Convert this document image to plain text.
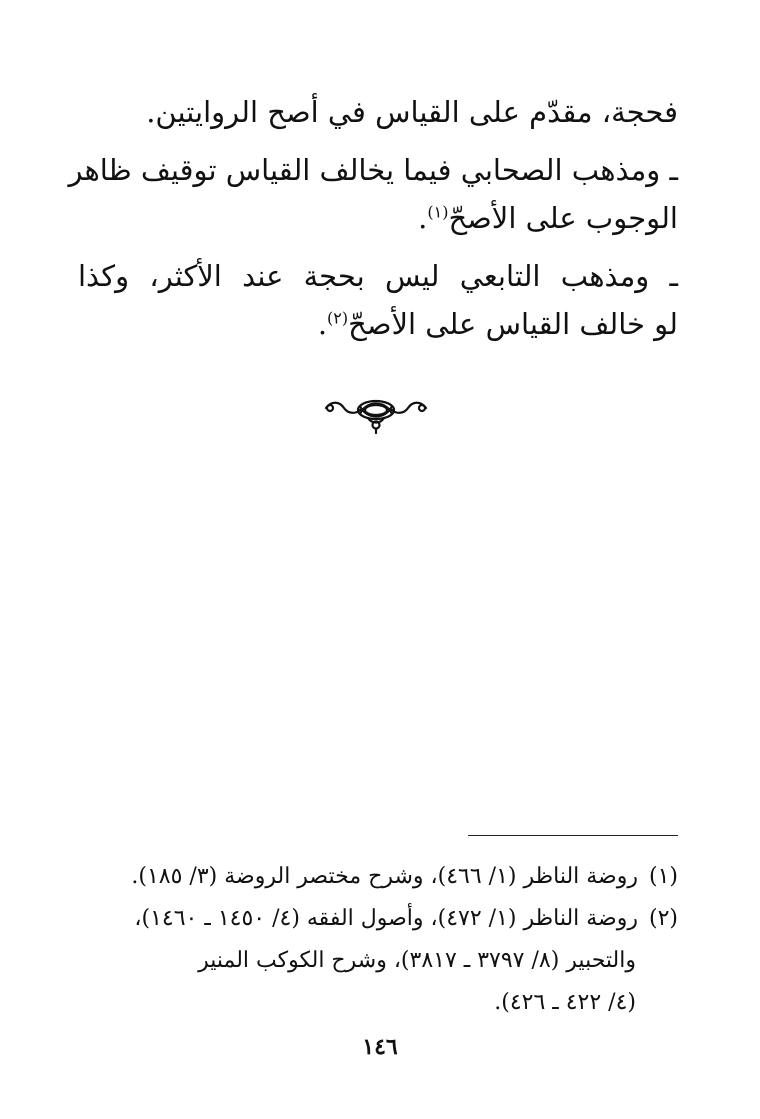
فحجة، مقدّم على القياس في أصح الروايتين.
ـ ومذهب الصحابي فيما يخالف القياس توقيف ظاهر
الوجوب على الأصحّ$^{(١)}$.
ـ ومذهب التابعي ليس بحجة عند الأكثر، وكذا
لو خالف القياس على الأصحّ$^{(٢)}$.
(١)روضة الناظر (١/ ٤٦٦)، وشرح مختصر الروضة (٣/ ١٨٥).
(٢)روضة الناظر (١/ ٤٧٢)، وأصول الفقه (٤/ ١٤٥٠ ـ ١٤٦٠)،
والتحبير (٨/ ٣٧٩٧ ـ ٣٨١٧)، وشرح الكوكب المنير
(٤/ ٤٢٢ ـ ٤٢٦).
١٤٦
